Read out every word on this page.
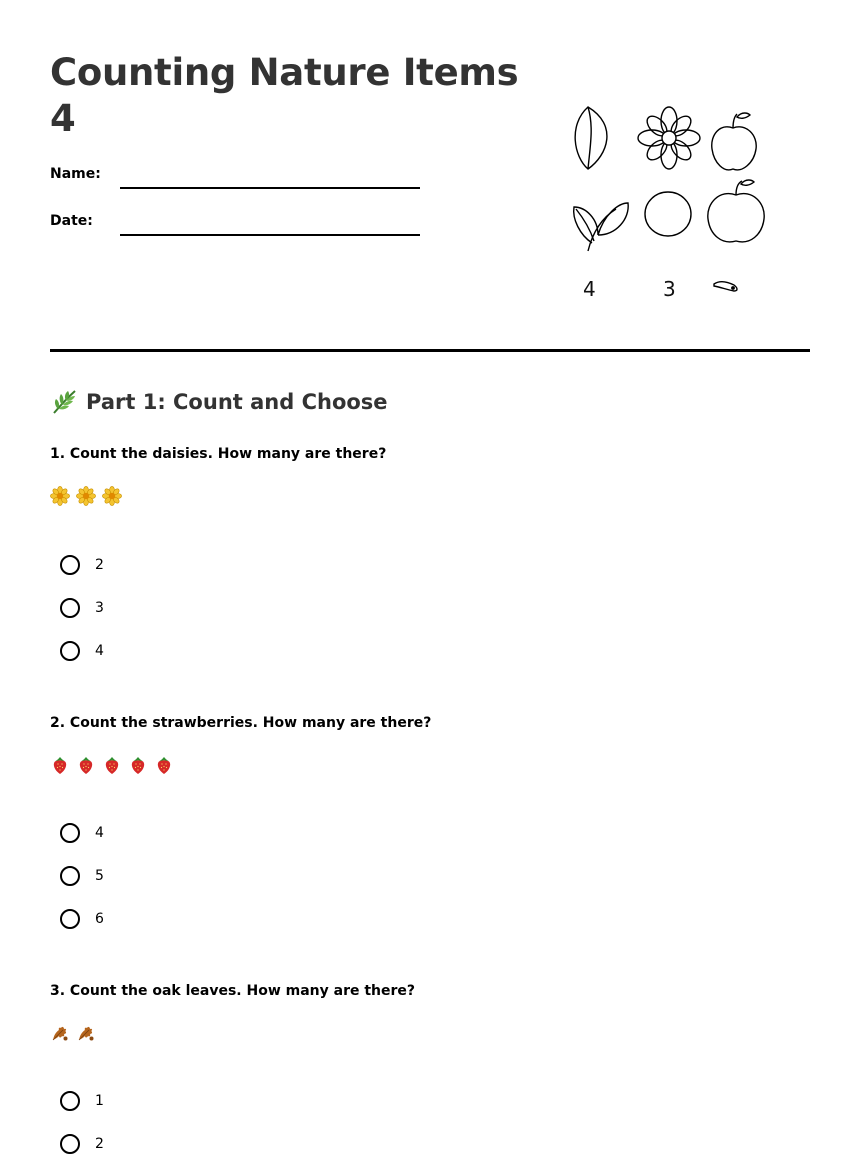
Counting Nature Items 4
Name:
Date:
4	3
Part 1: Count and Choose
1. Count the daisies. How many are there?
2
3
4
2. Count the strawberries. How many are there?
4
5
6
3. Count the oak leaves. How many are there?
1
2
